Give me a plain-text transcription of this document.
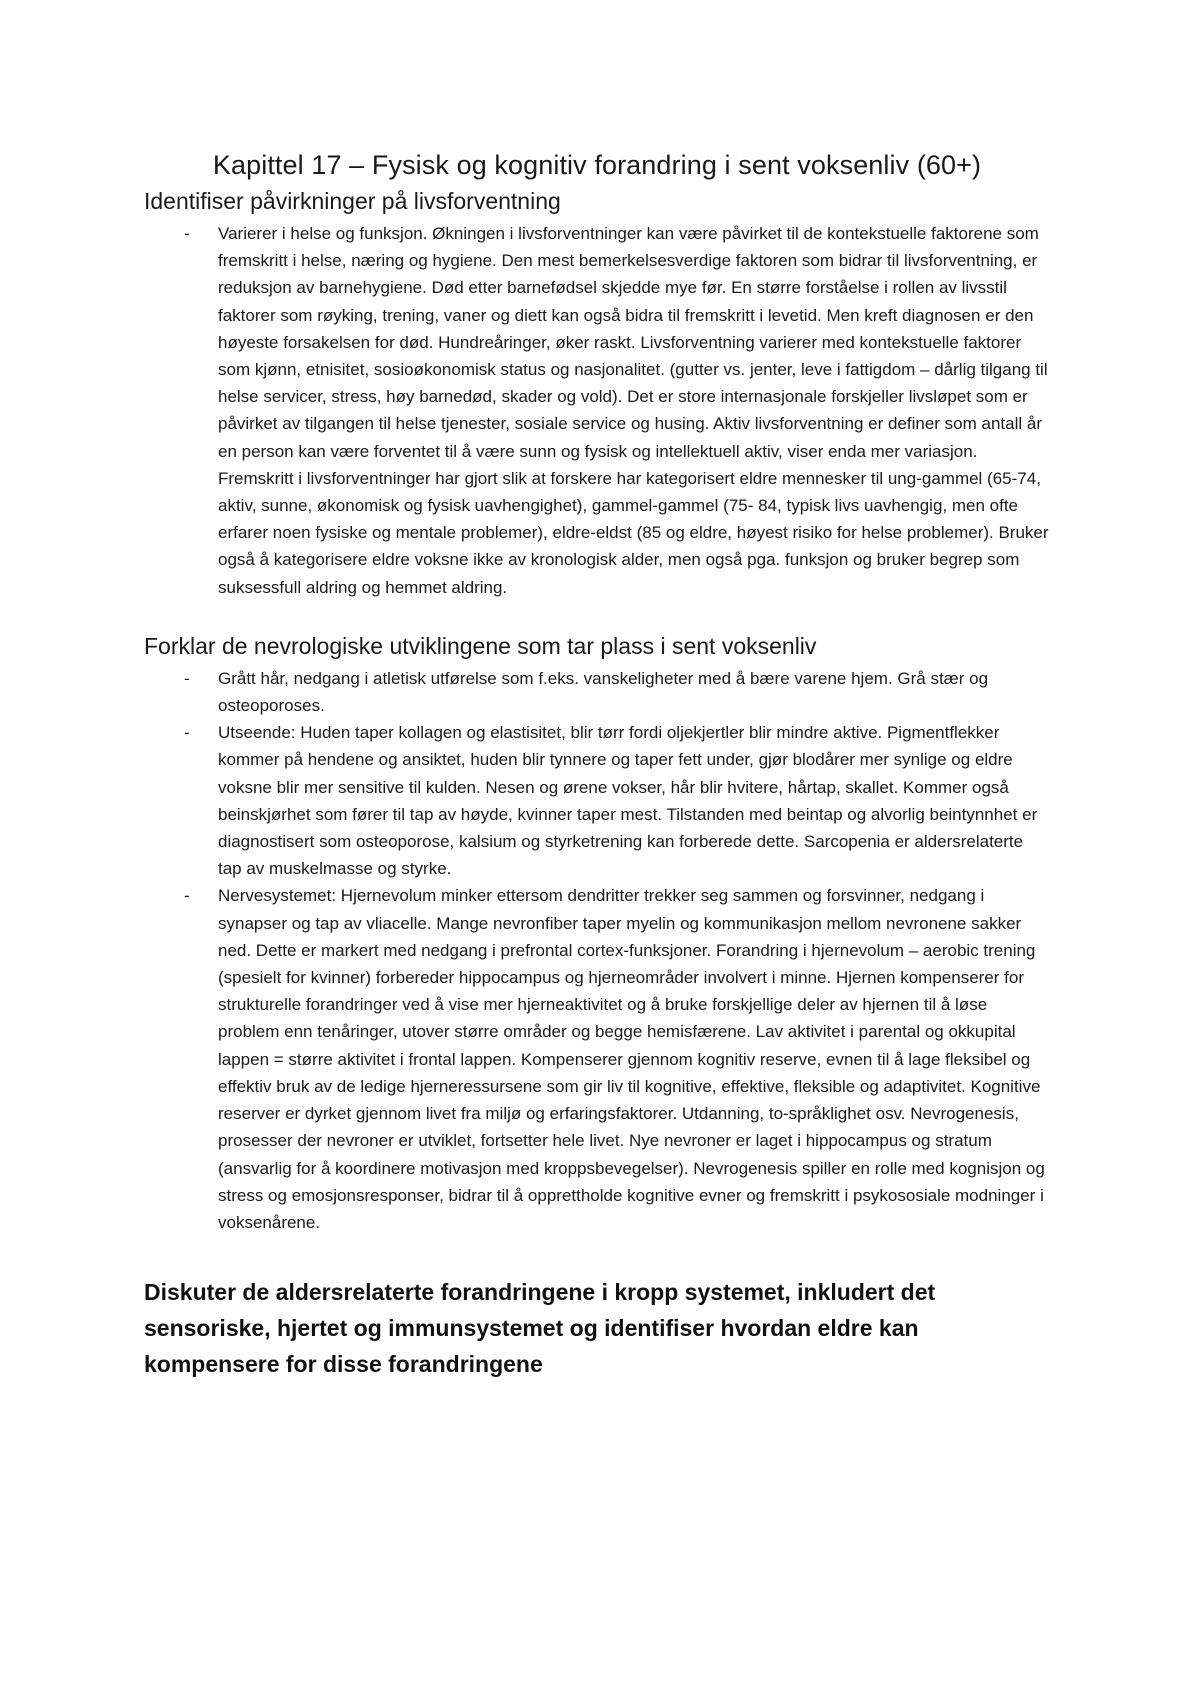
Kapittel 17 – Fysisk og kognitiv forandring i sent voksenliv (60+)
Identifiser påvirkninger på livsforventning
- Varierer i helse og funksjon. Økningen i livsforventninger kan være påvirket til de kontekstuelle faktorene som fremskritt i helse, næring og hygiene. Den mest bemerkelsesverdige faktoren som bidrar til livsforventning, er reduksjon av barnehygiene. Død etter barnefødsel skjedde mye før. En større forståelse i rollen av livsstil faktorer som røyking, trening, vaner og diett kan også bidra til fremskritt i levetid. Men kreft diagnosen er den høyeste forsakelsen for død. Hundreåringer, øker raskt. Livsforventning varierer med kontekstuelle faktorer som kjønn, etnisitet, sosioøkonomisk status og nasjonalitet. (gutter vs. jenter, leve i fattigdom – dårlig tilgang til helse servicer, stress, høy barnedød, skader og vold). Det er store internasjonale forskjeller livsløpet som er påvirket av tilgangen til helse tjenester, sosiale service og husing. Aktiv livsforventning er definer som antall år en person kan være forventet til å være sunn og fysisk og intellektuell aktiv, viser enda mer variasjon. Fremskritt i livsforventninger har gjort slik at forskere har kategorisert eldre mennesker til ung-gammel (65-74, aktiv, sunne, økonomisk og fysisk uavhengighet), gammel-gammel (75- 84, typisk livs uavhengig, men ofte erfarer noen fysiske og mentale problemer), eldre-eldst (85 og eldre, høyest risiko for helse problemer). Bruker også å kategorisere eldre voksne ikke av kronologisk alder, men også pga. funksjon og bruker begrep som suksessfull aldring og hemmet aldring.
Forklar de nevrologiske utviklingene som tar plass i sent voksenliv
- Grått hår, nedgang i atletisk utførelse som f.eks. vanskeligheter med å bære varene hjem. Grå stær og osteoporoses.
- Utseende: Huden taper kollagen og elastisitet, blir tørr fordi oljekjertler blir mindre aktive. Pigmentflekker kommer på hendene og ansiktet, huden blir tynnere og taper fett under, gjør blodårer mer synlige og eldre voksne blir mer sensitive til kulden. Nesen og ørene vokser, hår blir hvitere, hårtap, skallet. Kommer også beinskjørhet som fører til tap av høyde, kvinner taper mest. Tilstanden med beintap og alvorlig beintynnhet er diagnostisert som osteoporose, kalsium og styrketrening kan forberede dette. Sarcopenia er aldersrelaterte tap av muskelmasse og styrke.
- Nervesystemet: Hjernevolum minker ettersom dendritter trekker seg sammen og forsvinner, nedgang i synapser og tap av vliacelle. Mange nevronfiber taper myelin og kommunikasjon mellom nevronene sakker ned. Dette er markert med nedgang i prefrontal cortex-funksjoner. Forandring i hjernevolum – aerobic trening (spesielt for kvinner) forbereder hippocampus og hjerneområder involvert i minne. Hjernen kompenserer for strukturelle forandringer ved å vise mer hjerneaktivitet og å bruke forskjellige deler av hjernen til å løse problem enn tenåringer, utover større områder og begge hemisfærene. Lav aktivitet i parental og okkupital lappen = større aktivitet i frontal lappen. Kompenserer gjennom kognitiv reserve, evnen til å lage fleksibel og effektiv bruk av de ledige hjerneressursene som gir liv til kognitive, effektive, fleksible og adaptivitet. Kognitive reserver er dyrket gjennom livet fra miljø og erfaringsfaktorer. Utdanning, to-språklighet osv. Nevrogenesis, prosesser der nevroner er utviklet, fortsetter hele livet. Nye nevroner er laget i hippocampus og stratum (ansvarlig for å koordinere motivasjon med kroppsbevegelser). Nevrogenesis spiller en rolle med kognisjon og stress og emosjonsresponser, bidrar til å opprettholde kognitive evner og fremskritt i psykososiale modninger i voksenårene.
Diskuter de aldersrelaterte forandringene i kropp systemet, inkludert det sensoriske, hjertet og immunsystemet og identifiser hvordan eldre kan kompensere for disse forandringene
